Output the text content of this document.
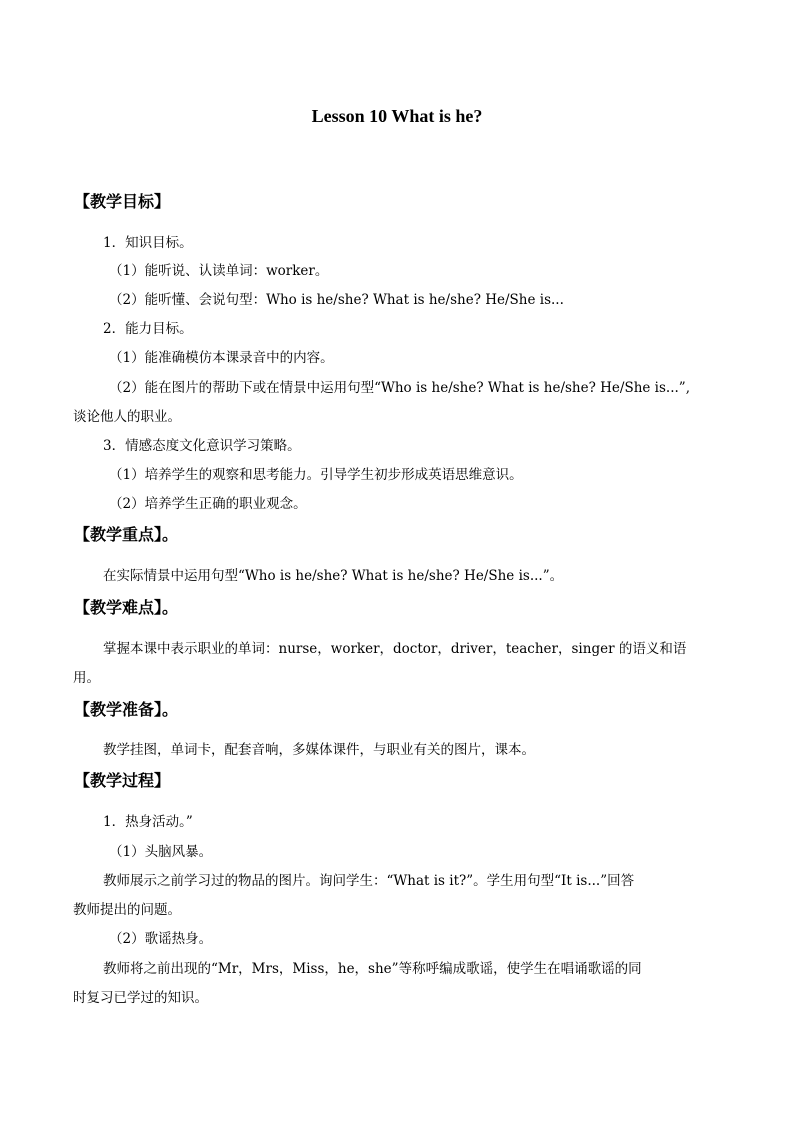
Lesson 10 What is he?
【教学目标】
1．知识目标。
（1）能听说、认读单词：worker。
（2）能听懂、会说句型：Who is he/she? What is he/she? He/She is...
2．能力目标。
（1）能准确模仿本课录音中的内容。
（2）能在图片的帮助下或在情景中运用句型“Who is he/she? What is he/she? He/She is...”,
谈论他人的职业。
3．情感态度文化意识学习策略。
（1）培养学生的观察和思考能力。引导学生初步形成英语思维意识。
（2）培养学生正确的职业观念。
【教学重点】。
在实际情景中运用句型“Who is he/she? What is he/she? He/She is...”。
【教学难点】。
掌握本课中表示职业的单词：nurse，worker，doctor，driver，teacher，singer 的语义和语
用。
【教学准备】。
教学挂图，单词卡，配套音响，多媒体课件，与职业有关的图片，课本。
【教学过程】
1．热身活动。”
（1）头脑风暴。
教师展示之前学习过的物品的图片。询问学生：“What is it?”。学生用句型“It is...”回答
教师提出的问题。
（2）歌谣热身。
教师将之前出现的“Mr，Mrs，Miss，he，she”等称呼编成歌谣，使学生在唱诵歌谣的同
时复习已学过的知识。
